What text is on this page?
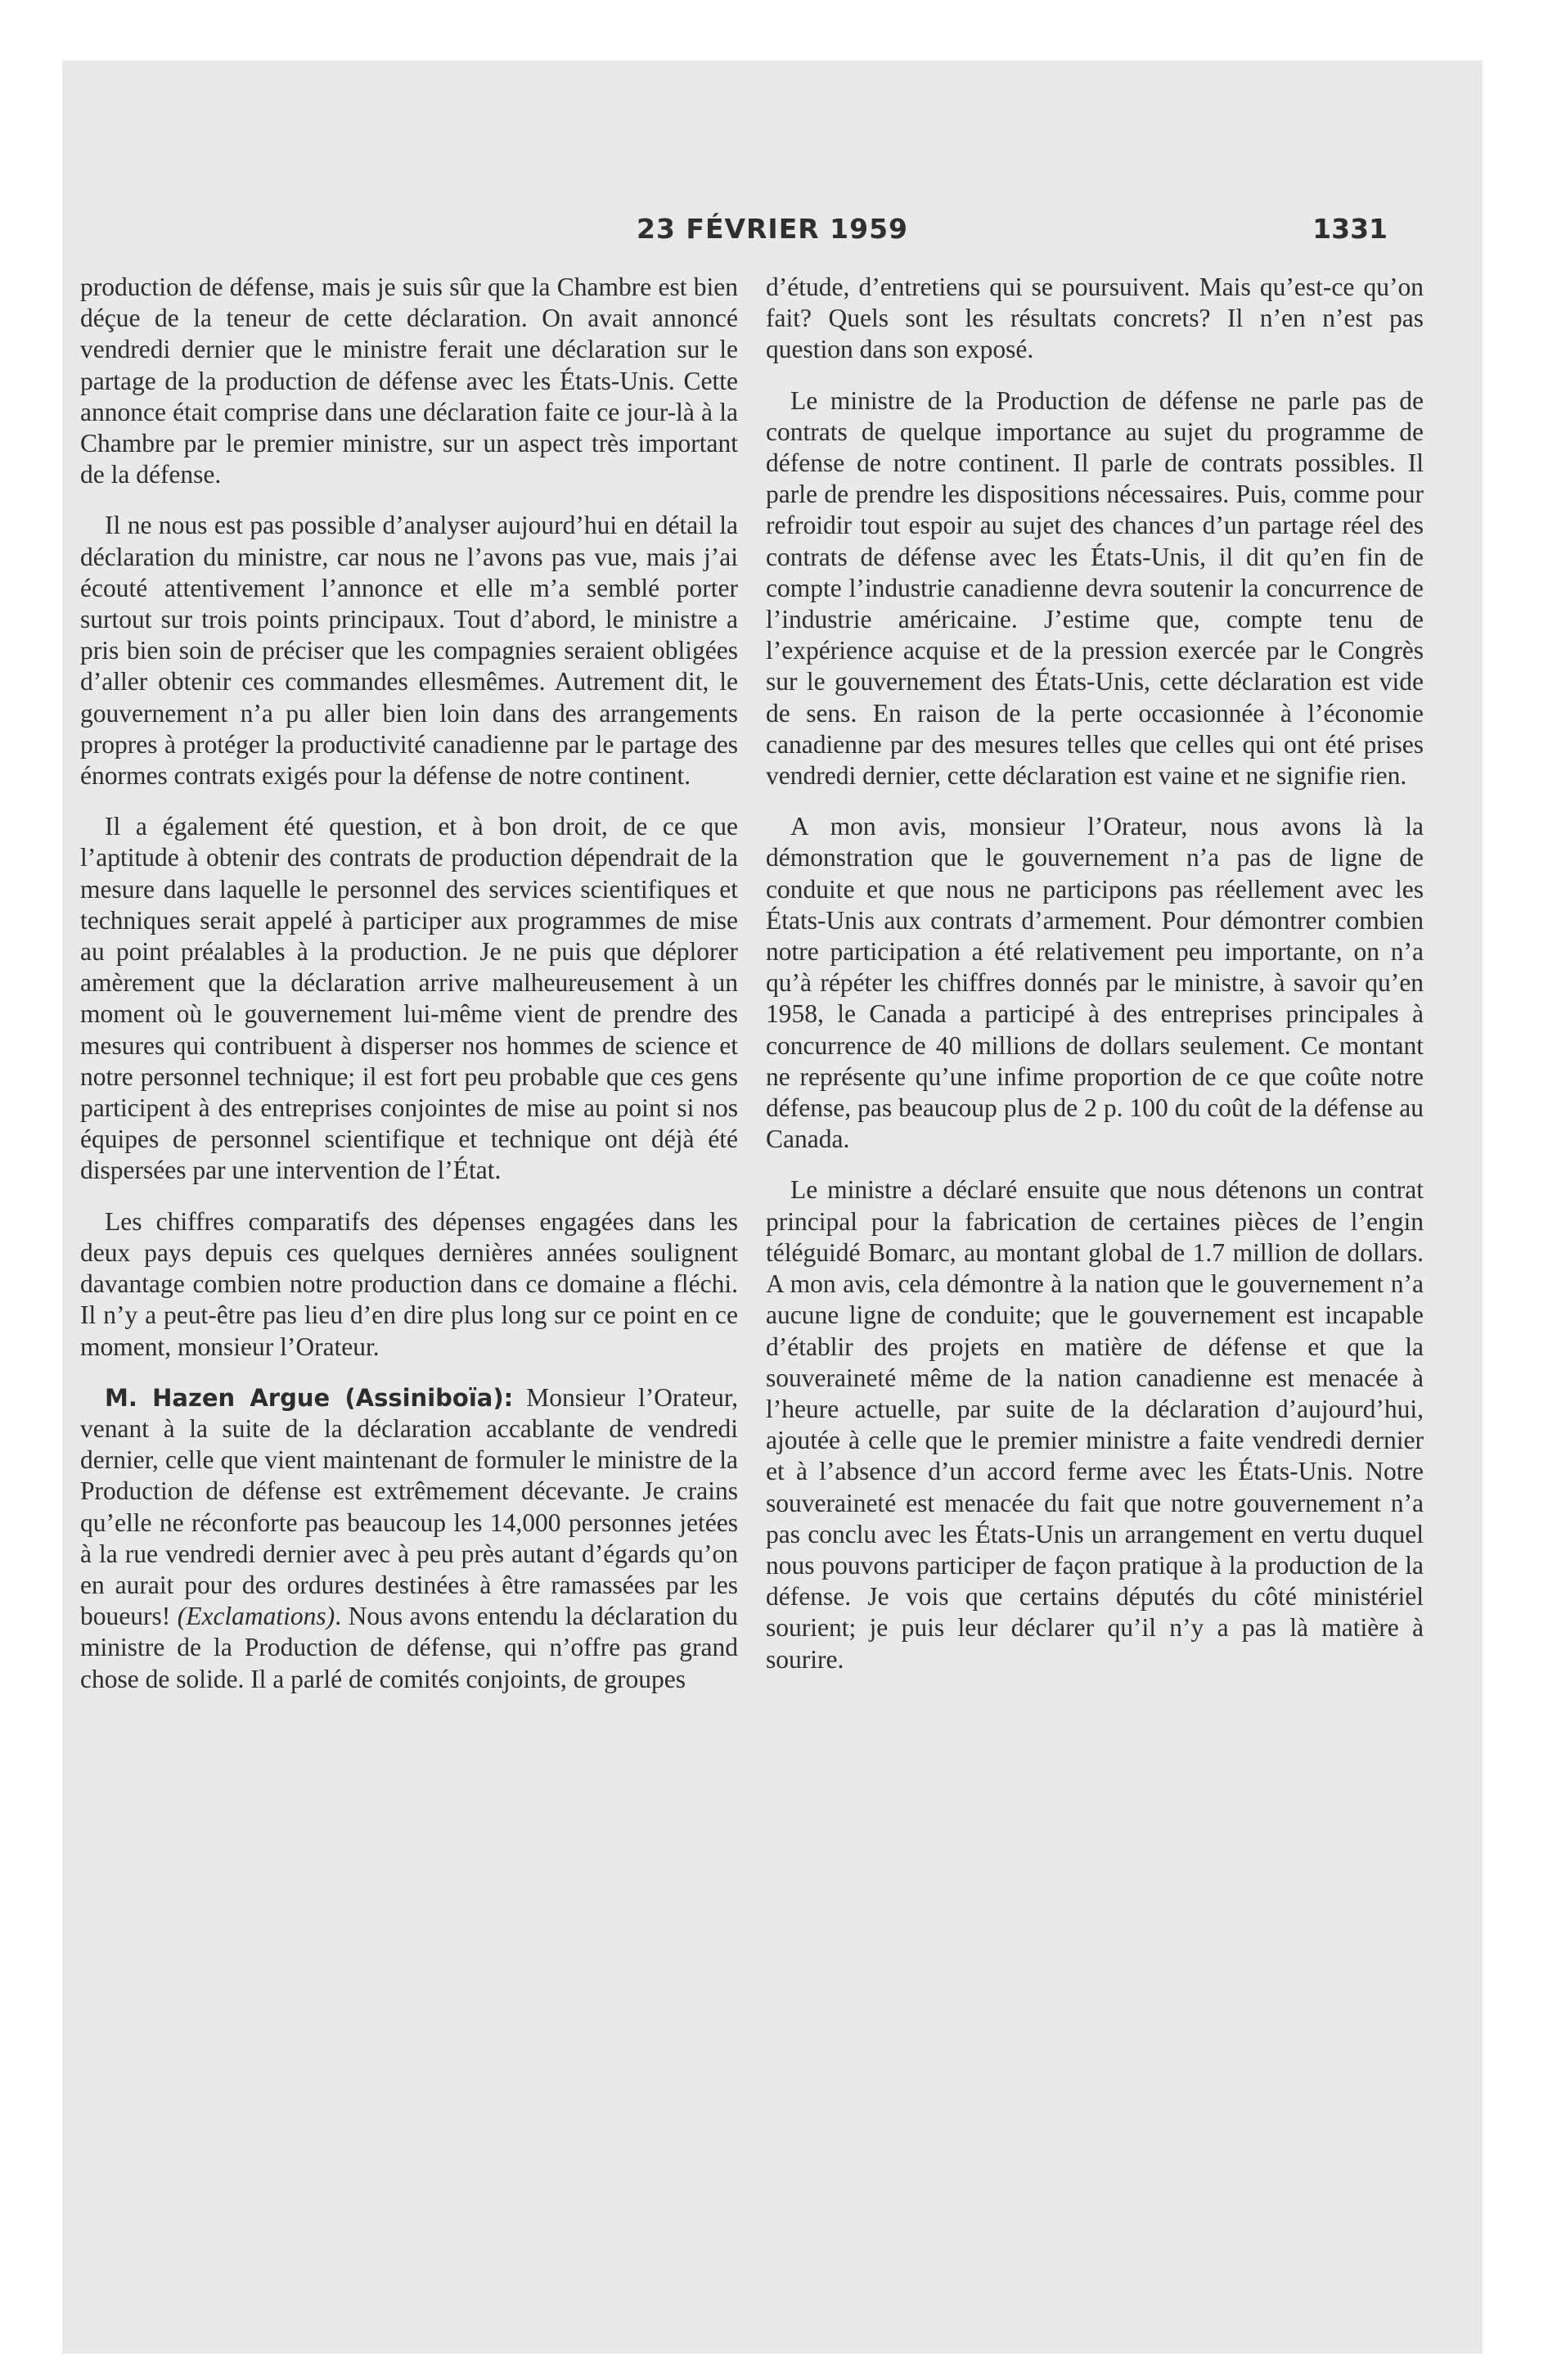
23 FÉVRIER 1959	1331

production de défense, mais je suis sûr que la Chambre est bien déçue de la teneur de cette déclaration. On avait annoncé vendredi dernier que le ministre ferait une déclaration sur le partage de la production de défense avec les États-Unis. Cette annonce était comprise dans une déclaration faite ce jour-là à la Chambre par le premier ministre, sur un aspect très important de la défense.

Il ne nous est pas possible d’analyser aujourd’hui en détail la déclaration du ministre, car nous ne l’avons pas vue, mais j’ai écouté attentivement l’annonce et elle m’a semblé porter surtout sur trois points principaux. Tout d’abord, le ministre a pris bien soin de préciser que les compagnies seraient obligées d’aller obtenir ces commandes ellesmêmes. Autrement dit, le gouvernement n’a pu aller bien loin dans des arrangements propres à protéger la productivité canadienne par le partage des énormes contrats exigés pour la défense de notre continent.

Il a également été question, et à bon droit, de ce que l’aptitude à obtenir des contrats de production dépendrait de la mesure dans laquelle le personnel des services scientifiques et techniques serait appelé à participer aux programmes de mise au point préalables à la production. Je ne puis que déplorer amèrement que la déclaration arrive malheureusement à un moment où le gouvernement lui-même vient de prendre des mesures qui contribuent à disperser nos hommes de science et notre personnel technique; il est fort peu probable que ces gens participent à des entreprises conjointes de mise au point si nos équipes de personnel scientifique et technique ont déjà été dispersées par une intervention de l’État.

Les chiffres comparatifs des dépenses engagées dans les deux pays depuis ces quelques dernières années soulignent davantage combien notre production dans ce domaine a fléchi. Il n’y a peut-être pas lieu d’en dire plus long sur ce point en ce moment, monsieur l’Orateur.

M. Hazen Argue (Assiniboïa): Monsieur l’Orateur, venant à la suite de la déclaration accablante de vendredi dernier, celle que vient maintenant de formuler le ministre de la Production de défense est extrêmement décevante. Je crains qu’elle ne réconforte pas beaucoup les 14,000 personnes jetées à la rue vendredi dernier avec à peu près autant d’égards qu’on en aurait pour des ordures destinées à être ramassées par les boueurs! (Exclamations). Nous avons entendu la déclaration du ministre de la Production de défense, qui n’offre pas grand chose de solide. Il a parlé de comités conjoints, de groupes

d’étude, d’entretiens qui se poursuivent. Mais qu’est-ce qu’on fait? Quels sont les résultats concrets? Il n’en n’est pas question dans son exposé.

Le ministre de la Production de défense ne parle pas de contrats de quelque importance au sujet du programme de défense de notre continent. Il parle de contrats possibles. Il parle de prendre les dispositions nécessaires. Puis, comme pour refroidir tout espoir au sujet des chances d’un partage réel des contrats de défense avec les États-Unis, il dit qu’en fin de compte l’industrie canadienne devra soutenir la concurrence de l’industrie américaine. J’estime que, compte tenu de l’expérience acquise et de la pression exercée par le Congrès sur le gouvernement des États-Unis, cette déclaration est vide de sens. En raison de la perte occasionnée à l’économie canadienne par des mesures telles que celles qui ont été prises vendredi dernier, cette déclaration est vaine et ne signifie rien.

A mon avis, monsieur l’Orateur, nous avons là la démonstration que le gouvernement n’a pas de ligne de conduite et que nous ne participons pas réellement avec les États-Unis aux contrats d’armement. Pour démontrer combien notre participation a été relativement peu importante, on n’a qu’à répéter les chiffres donnés par le ministre, à savoir qu’en 1958, le Canada a participé à des entreprises principales à concurrence de 40 millions de dollars seulement. Ce montant ne représente qu’une infime proportion de ce que coûte notre défense, pas beaucoup plus de 2 p. 100 du coût de la défense au Canada.

Le ministre a déclaré ensuite que nous détenons un contrat principal pour la fabrication de certaines pièces de l’engin téléguidé Bomarc, au montant global de 1.7 million de dollars. A mon avis, cela démontre à la nation que le gouvernement n’a aucune ligne de conduite; que le gouvernement est incapable d’établir des projets en matière de défense et que la souveraineté même de la nation canadienne est menacée à l’heure actuelle, par suite de la déclaration d’aujourd’hui, ajoutée à celle que le premier ministre a faite vendredi dernier et à l’absence d’un accord ferme avec les États-Unis. Notre souveraineté est menacée du fait que notre gouvernement n’a pas conclu avec les États-Unis un arrangement en vertu duquel nous pouvons participer de façon pratique à la production de la défense. Je vois que certains députés du côté ministériel sourient; je puis leur déclarer qu’il n’y a pas là matière à sourire.
